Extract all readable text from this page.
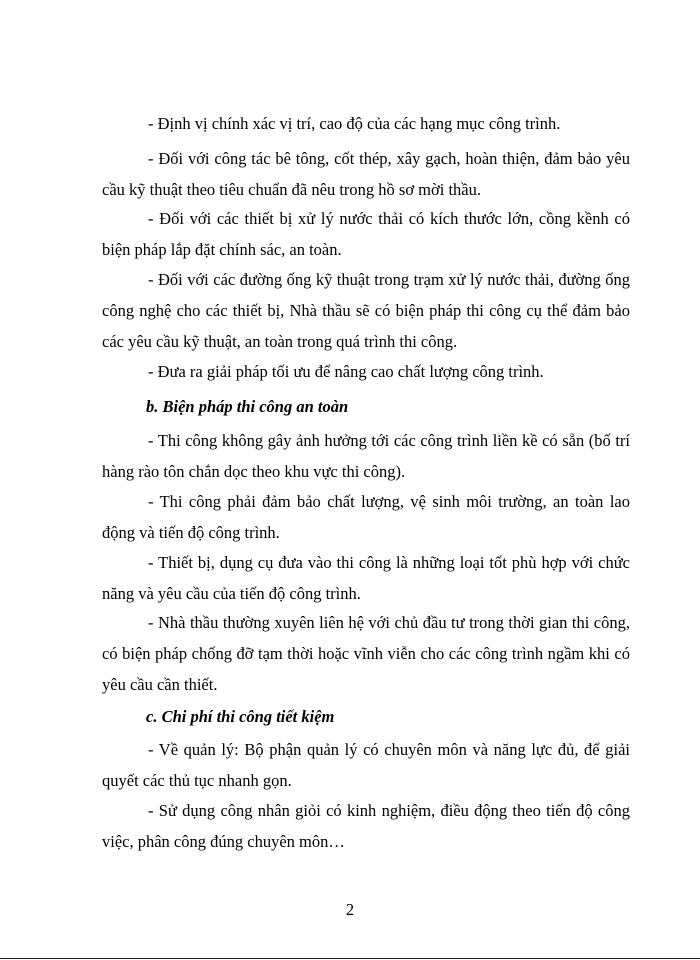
- Định vị chính xác vị trí, cao độ của các hạng mục công trình.

- Đối với công tác bê tông, cốt thép, xây gạch, hoàn thiện, đảm bảo yêu cầu kỹ thuật theo tiêu chuẩn đã nêu trong hồ sơ mời thầu.

- Đối với các thiết bị xử lý nước thải có kích thước lớn, cồng kềnh có biện pháp lắp đặt chính sác, an toàn.

- Đối với các đường ống kỹ thuật trong trạm xử lý nước thải, đường ống công nghệ cho các thiết bị, Nhà thầu sẽ có biện pháp thi công cụ thể đảm bảo các yêu cầu kỹ thuật, an toàn trong quá trình thi công.

- Đưa ra giải pháp tối ưu để nâng cao chất lượng công trình.

b. Biện pháp thi công an toàn

- Thi công không gây ảnh hưởng tới các công trình liền kề có sẵn (bố trí hàng rào tôn chắn dọc theo khu vực thi công).

- Thi công phải đảm bảo chất lượng, vệ sinh môi trường, an toàn lao động và tiến độ công trình.

- Thiết bị, dụng cụ đưa vào thi công là những loại tốt phù hợp với chức năng và yêu cầu của tiến độ công trình.

- Nhà thầu thường xuyên liên hệ với chủ đầu tư trong thời gian thi công, có biện pháp chống đỡ tạm thời hoặc vĩnh viễn cho các công trình ngầm khi có yêu cầu cần thiết.

c. Chi phí thi công tiết kiệm

- Về quản lý: Bộ phận quản lý có chuyên môn và năng lực đủ, để giải quyết các thủ tục nhanh gọn.

- Sử dụng công nhân giỏi có kinh nghiệm, điều động theo tiến độ công việc, phân công đúng chuyên môn…

2
